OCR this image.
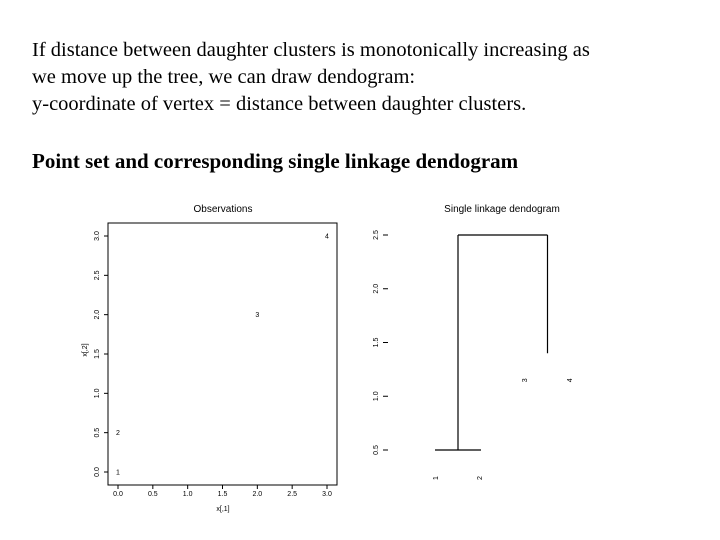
If distance between daughter clusters is monotonically increasing as
we move up the tree, we can draw dendogram:
y-coordinate of vertex = distance between daughter clusters.
Point set and corresponding single linkage dendogram
Observations
x[,1]
x[,2]
0.0	0.5	1.0	1.5	2.0	2.5	3.0
0.0
0.5
1.0
1.5
2.0
2.5
3.0
1
2
3
4
Single linkage dendogram
0.5
1.0
1.5
2.0
2.5
1	2
3	4
